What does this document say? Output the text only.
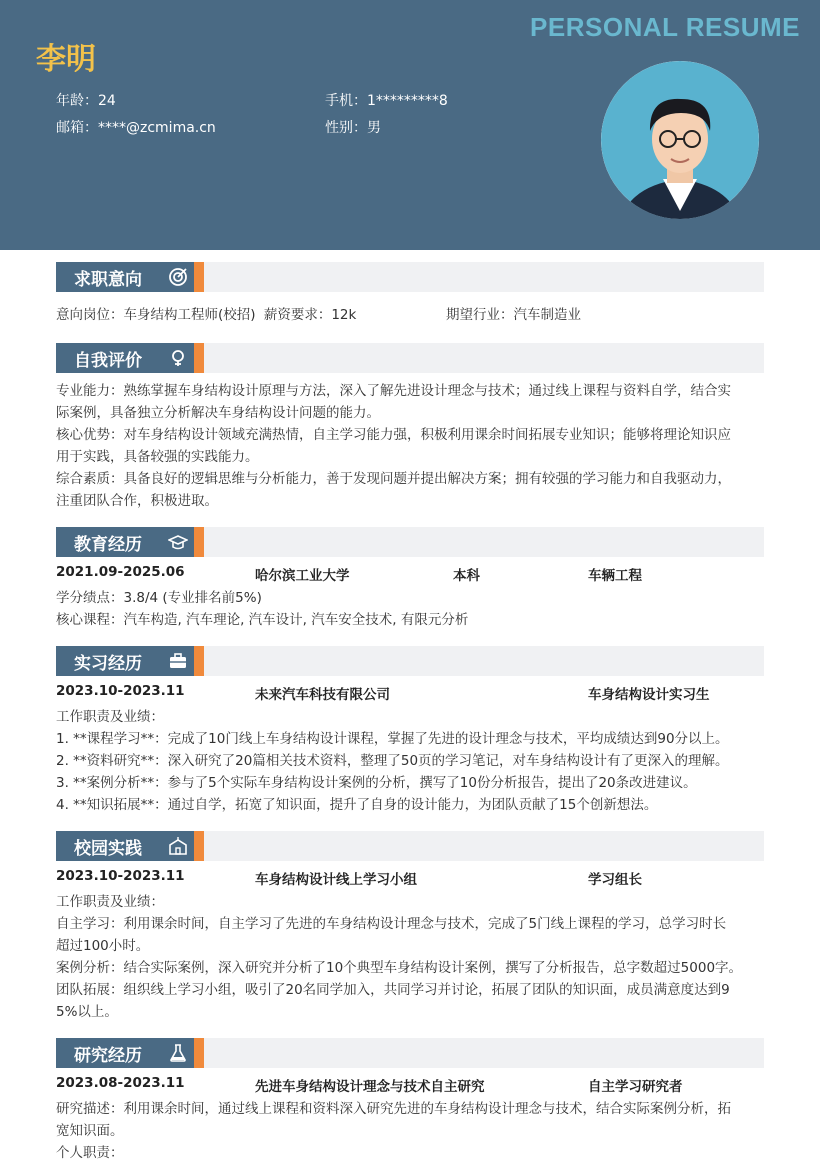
PERSONAL RESUME
李明
年龄：24	手机：1*********8
邮箱：****@zcmima.cn	性别：男
求职意向
意向岗位：车身结构工程师(校招) 薪资要求：12k	期望行业：汽车制造业
自我评价
专业能力：熟练掌握车身结构设计原理与方法，深入了解先进设计理念与技术；通过线上课程与资料自学，结合实
际案例，具备独立分析解决车身结构设计问题的能力。
核心优势：对车身结构设计领域充满热情，自主学习能力强，积极利用课余时间拓展专业知识；能够将理论知识应
用于实践，具备较强的实践能力。
综合素质：具备良好的逻辑思维与分析能力，善于发现问题并提出解决方案；拥有较强的学习能力和自我驱动力，
注重团队合作，积极进取。
教育经历
2021.09-2025.06	哈尔滨工业大学	本科	车辆工程
学分绩点：3.8/4 (专业排名前5%)
核心课程：汽车构造, 汽车理论, 汽车设计, 汽车安全技术, 有限元分析
实习经历
2023.10-2023.11	未来汽车科技有限公司	车身结构设计实习生
工作职责及业绩：
1. **课程学习**：完成了10门线上车身结构设计课程，掌握了先进的设计理念与技术，平均成绩达到90分以上。
2. **资料研究**：深入研究了20篇相关技术资料，整理了50页的学习笔记，对车身结构设计有了更深入的理解。
3. **案例分析**：参与了5个实际车身结构设计案例的分析，撰写了10份分析报告，提出了20条改进建议。
4. **知识拓展**：通过自学，拓宽了知识面，提升了自身的设计能力，为团队贡献了15个创新想法。
校园实践
2023.10-2023.11	车身结构设计线上学习小组	学习组长
工作职责及业绩：
自主学习：利用课余时间，自主学习了先进的车身结构设计理念与技术，完成了5门线上课程的学习，总学习时长
超过100小时。
案例分析：结合实际案例，深入研究并分析了10个典型车身结构设计案例，撰写了分析报告，总字数超过5000字。
团队拓展：组织线上学习小组，吸引了20名同学加入，共同学习并讨论，拓展了团队的知识面，成员满意度达到9
5%以上。
研究经历
2023.08-2023.11	先进车身结构设计理念与技术自主研究	自主学习研究者
研究描述：利用课余时间，通过线上课程和资料深入研究先进的车身结构设计理念与技术，结合实际案例分析，拓
宽知识面。
个人职责：
